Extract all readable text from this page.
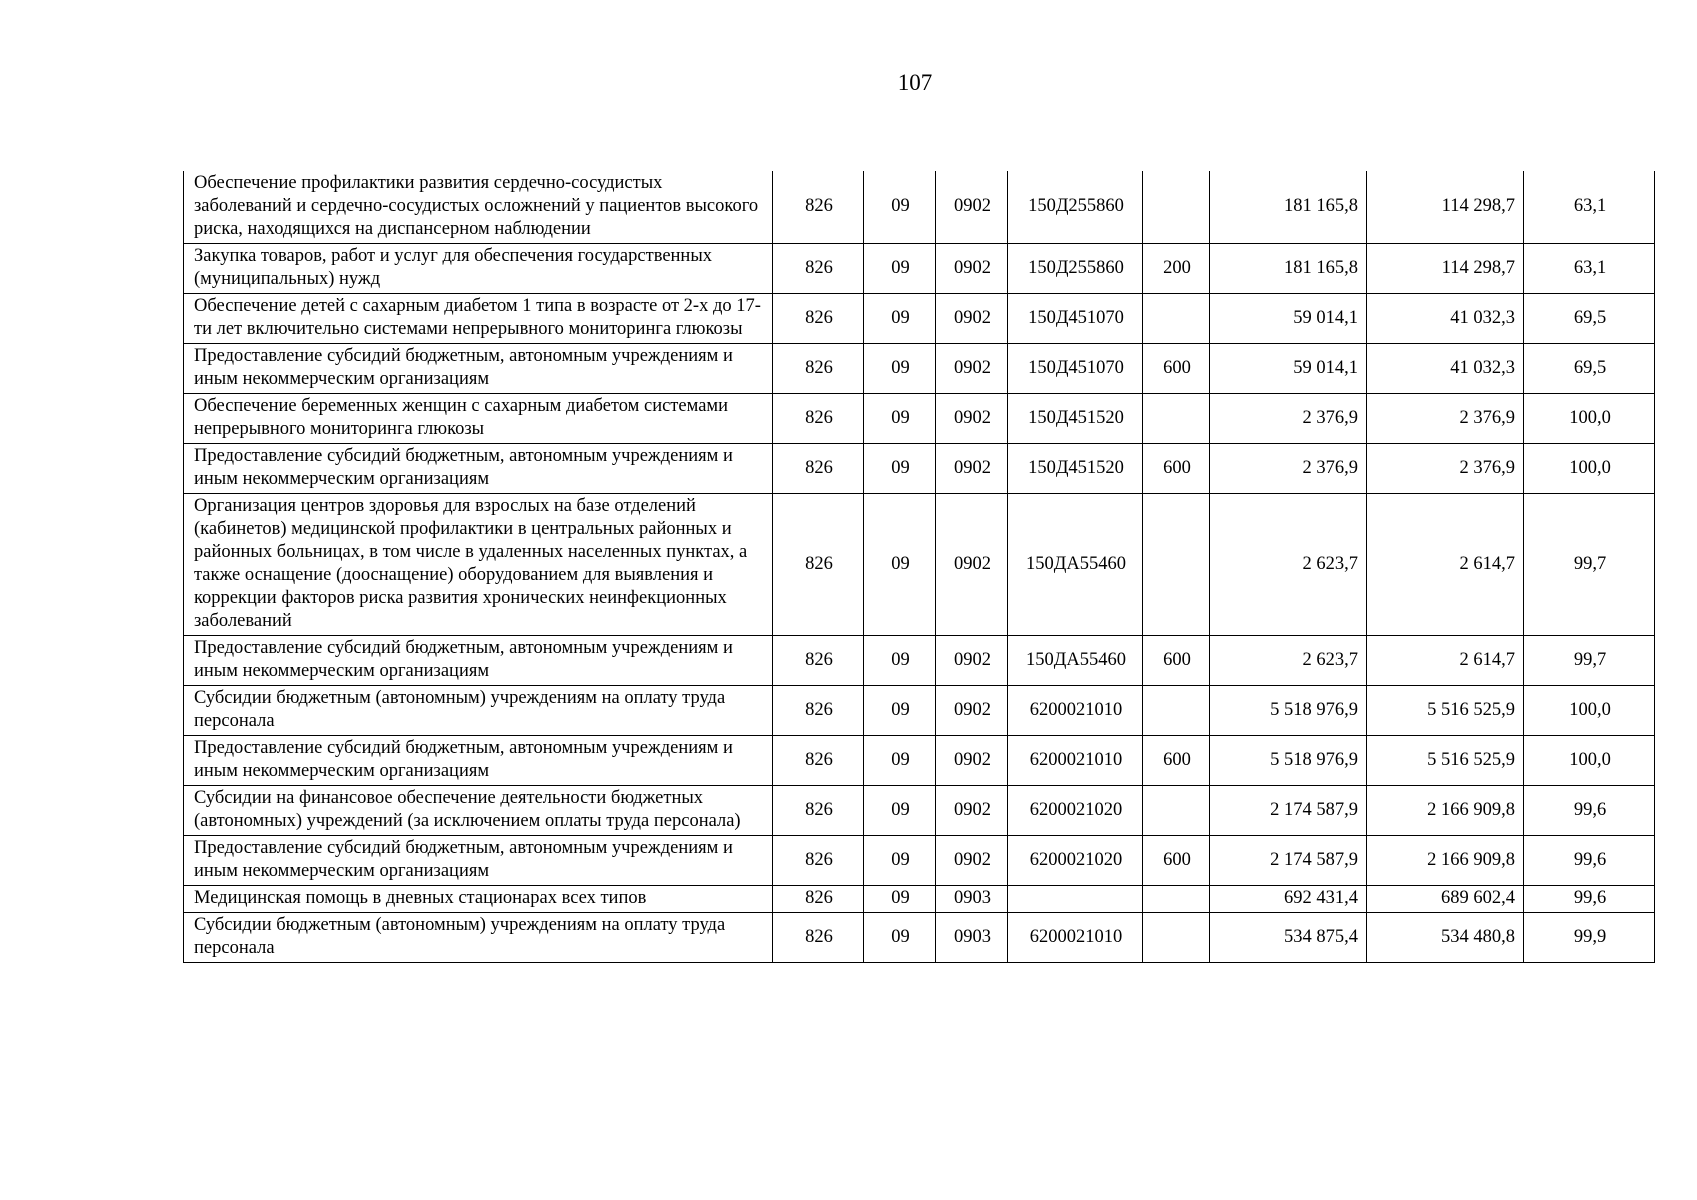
107
Обеспечение профилактики развития сердечно-сосудистых заболеваний и сердечно-сосудистых осложнений у пациентов высокого риска, находящихся на диспансерном наблюдении	826	09	0902	150Д255860		181 165,8	114 298,7	63,1
Закупка товаров, работ и услуг для обеспечения государственных (муниципальных) нужд	826	09	0902	150Д255860	200	181 165,8	114 298,7	63,1
Обеспечение детей с сахарным диабетом 1 типа в возрасте от 2-х до 17-ти лет включительно системами непрерывного мониторинга глюкозы	826	09	0902	150Д451070		59 014,1	41 032,3	69,5
Предоставление субсидий бюджетным, автономным учреждениям и иным некоммерческим организациям	826	09	0902	150Д451070	600	59 014,1	41 032,3	69,5
Обеспечение беременных женщин с сахарным диабетом системами непрерывного мониторинга глюкозы	826	09	0902	150Д451520		2 376,9	2 376,9	100,0
Предоставление субсидий бюджетным, автономным учреждениям и иным некоммерческим организациям	826	09	0902	150Д451520	600	2 376,9	2 376,9	100,0
Организация центров здоровья для взрослых на базе отделений (кабинетов) медицинской профилактики в центральных районных и районных больницах, в том числе в удаленных населенных пунктах, а также оснащение (дооснащение) оборудованием для выявления и коррекции факторов риска развития хронических неинфекционных заболеваний	826	09	0902	150ДА55460		2 623,7	2 614,7	99,7
Предоставление субсидий бюджетным, автономным учреждениям и иным некоммерческим организациям	826	09	0902	150ДА55460	600	2 623,7	2 614,7	99,7
Субсидии бюджетным (автономным) учреждениям на оплату труда персонала	826	09	0902	6200021010		5 518 976,9	5 516 525,9	100,0
Предоставление субсидий бюджетным, автономным учреждениям и иным некоммерческим организациям	826	09	0902	6200021010	600	5 518 976,9	5 516 525,9	100,0
Субсидии на финансовое обеспечение деятельности бюджетных (автономных) учреждений (за исключением оплаты труда персонала)	826	09	0902	6200021020		2 174 587,9	2 166 909,8	99,6
Предоставление субсидий бюджетным, автономным учреждениям и иным некоммерческим организациям	826	09	0902	6200021020	600	2 174 587,9	2 166 909,8	99,6
Медицинская помощь в дневных стационарах всех типов	826	09	0903			692 431,4	689 602,4	99,6
Субсидии бюджетным (автономным) учреждениям на оплату труда персонала	826	09	0903	6200021010		534 875,4	534 480,8	99,9
